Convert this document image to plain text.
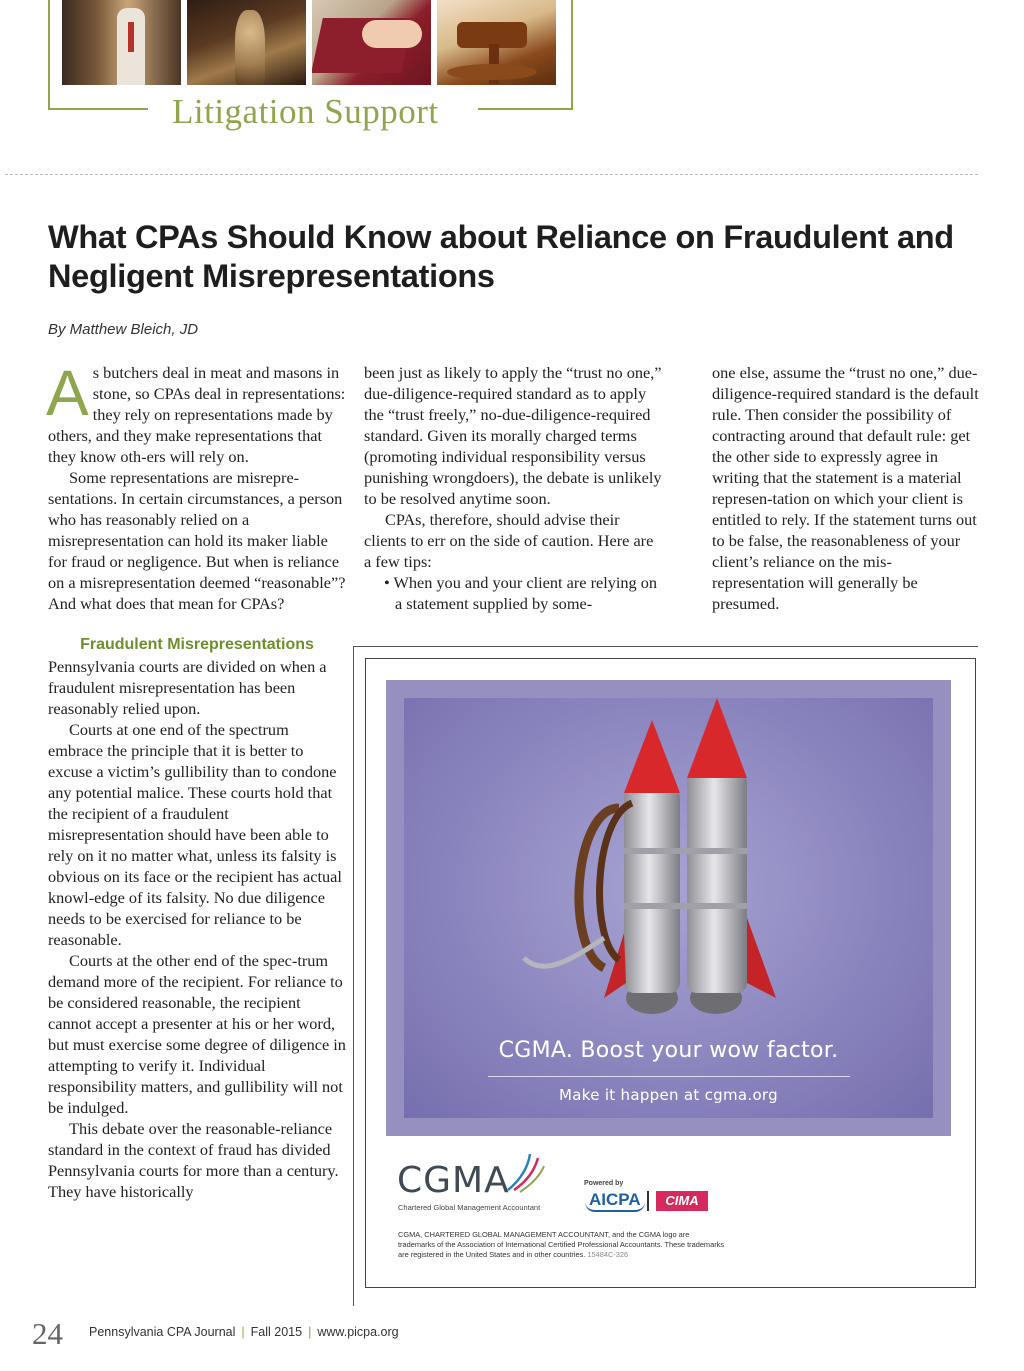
Litigation Support
What CPAs Should Know about Reliance on Fraudulent and Negligent Misrepresentations
By Matthew Bleich, JD

As butchers deal in meat and masons in stone, so CPAs deal in representations: they rely on representations made by others, and they make representations that they know oth-ers will rely on.

Some representations are misrepre-sentations. In certain circumstances, a person who has reasonably relied on a misrepresentation can hold its maker liable for fraud or negligence. But when is reliance on a misrepresentation deemed “reasonable”? And what does that mean for CPAs?

Fraudulent Misrepresentations

Pennsylvania courts are divided on when a fraudulent misrepresentation has been reasonably relied upon.

Courts at one end of the spectrum embrace the principle that it is better to excuse a victim’s gullibility than to condone any potential malice. These courts hold that the recipient of a fraudulent misrepresentation should have been able to rely on it no matter what, unless its falsity is obvious on its face or the recipient has actual knowl-edge of its falsity. No due diligence needs to be exercised for reliance to be reasonable.

Courts at the other end of the spec-trum demand more of the recipient. For reliance to be considered reasonable, the recipient cannot accept a presenter at his or her word, but must exercise some degree of diligence in attempting to verify it. Individual responsibility matters, and gullibility will not be indulged.

This debate over the reasonable-reliance standard in the context of fraud has divided Pennsylvania courts for more than a century. They have historically

been just as likely to apply the “trust no one,” due-diligence-required standard as to apply the “trust freely,” no-due-diligence-required standard. Given its morally charged terms (promoting individual responsibility versus punishing wrongdoers), the debate is unlikely to be resolved anytime soon.

CPAs, therefore, should advise their clients to err on the side of caution. Here are a few tips:

• When you and your client are relying on a statement supplied by some-

one else, assume the “trust no one,” due-diligence-required standard is the default rule. Then consider the possibility of contracting around that default rule: get the other side to expressly agree in writing that the statement is a material represen-tation on which your client is entitled to rely. If the statement turns out to be false, the reasonableness of your client’s reliance on the mis-representation will generally be presumed.

CGMA. Boost your wow factor.
Make it happen at cgma.org
CGMA
Chartered Global Management Accountant
Powered by
AICPA	CIMA
CGMA, CHARTERED GLOBAL MANAGEMENT ACCOUNTANT, and the CGMA logo are trademarks of the Association of International Certified Professional Accountants. These trademarks are registered in the United States and in other countries. 15484C-326
24 Pennsylvania CPA Journal | Fall 2015 | www.picpa.org
